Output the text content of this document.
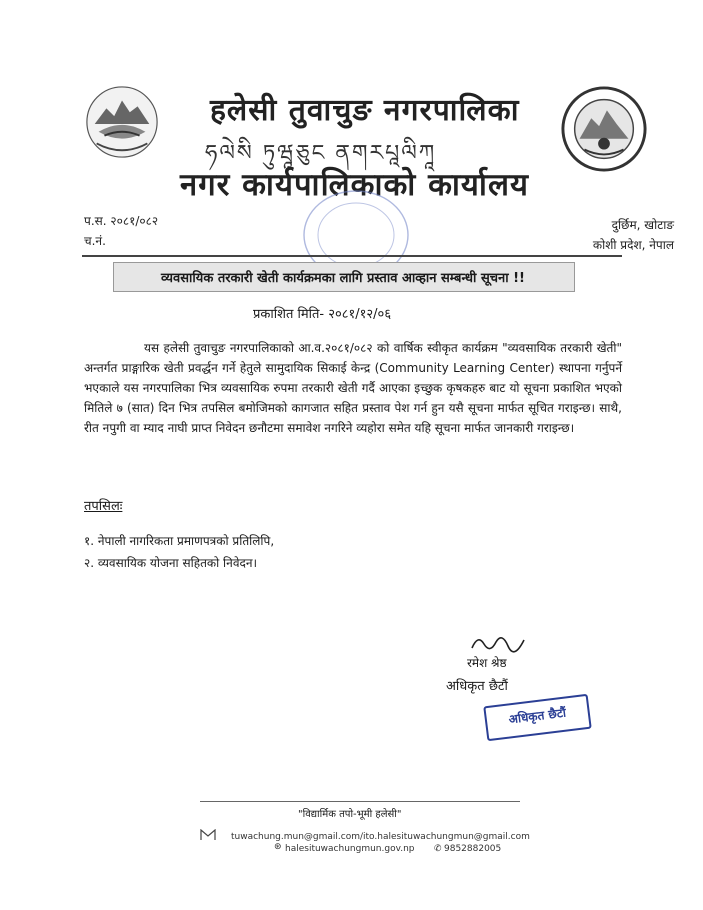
हलेसी तुवाचुङ नगरपालिका
ཧལེསི ཏུཝཱཅུང ནགརཔཱལིཀཱ
नगर कार्यपालिकाको कार्यालय
प.स. २०८१/०८२
च.नं.
दुर्छिम, खोटाङ
कोशी प्रदेश, नेपाल
व्यवसायिक तरकारी खेती कार्यक्रमका लागि प्रस्ताव आव्हान सम्बन्धी सूचना !!
प्रकाशित मिति- २०८१/१२/०६
यस हलेसी तुवाचुङ नगरपालिकाको आ.व.२०८१/०८२ को वार्षिक स्वीकृत कार्यक्रम "व्यवसायिक तरकारी खेती" अन्तर्गत प्राङ्गारिक खेती प्रवर्द्धन गर्ने हेतुले सामुदायिक सिकाई केन्द्र (Community Learning Center) स्थापना गर्नुपर्ने भएकाले यस नगरपालिका भित्र व्यवसायिक रुपमा तरकारी खेती गर्दै आएका इच्छुक कृषकहरु बाट यो सूचना प्रकाशित भएको मितिले ७ (सात) दिन भित्र तपसिल बमोजिमको कागजात सहित प्रस्ताव पेश गर्न हुन यसै सूचना मार्फत सूचित गराइन्छ। साथै, रीत नपुगी वा म्याद नाघी प्राप्त निवेदन छनौटमा समावेश नगरिने व्यहोरा समेत यहि सूचना मार्फत जानकारी गराइन्छ।
तपसिलः
१. नेपाली नागरिकता प्रमाणपत्रको प्रतिलिपि,
२. व्यवसायिक योजना सहितको निवेदन।
रमेश श्रेष्ठ
अधिकृत छैटौं
अधिकृत छैटौं
"विद्यार्मिक तपो-भूमी हलेसी"
tuwachung.mun@gmail.com/ito.halesituwachungmun@gmail.com
⊛ halesituwachungmun.gov.np ✆ 9852882005
